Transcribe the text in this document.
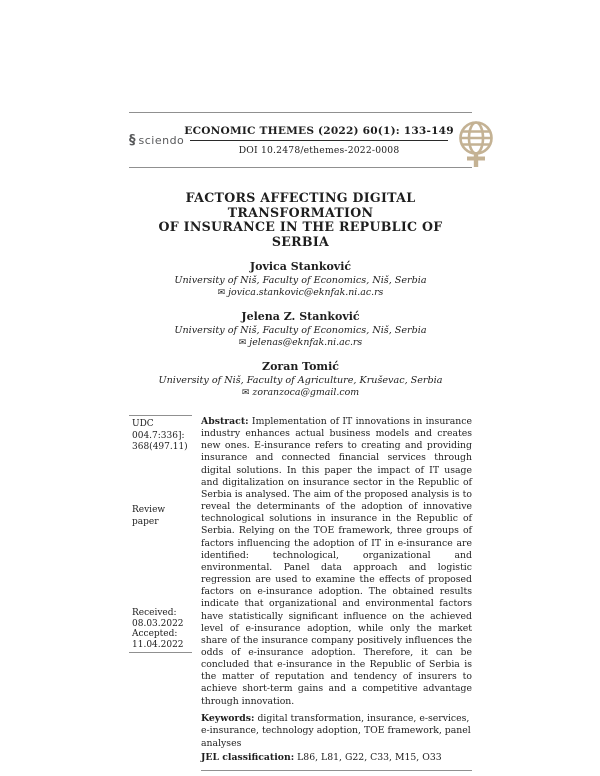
§ sciendo
ECONOMIC THEMES (2022) 60(1): 133-149
DOI 10.2478/ethemes-2022-0008
FACTORS AFFECTING DIGITAL TRANSFORMATION
OF INSURANCE IN THE REPUBLIC OF SERBIA
Jovica Stanković
University of Niš, Faculty of Economics, Niš, Serbia
✉ jovica.stankovic@eknfak.ni.ac.rs
Jelena Z. Stanković
University of Niš, Faculty of Economics, Niš, Serbia
✉ jelenas@eknfak.ni.ac.rs
Zoran Tomić
University of Niš, Faculty of Agriculture, Kruševac, Serbia
✉ zoranzoca@gmail.com
UDC
004.7:336]:
368(497.11)
Review
paper
Received:
08.03.2022
Accepted:
11.04.2022

Abstract: Implementation of IT innovations in insurance industry enhances actual business models and creates new ones. E-insurance refers to creating and providing insurance and connected financial services through digital solutions. In this paper the impact of IT usage and digitalization on insurance sector in the Republic of Serbia is analysed. The aim of the proposed analysis is to reveal the determinants of the adoption of innovative technological solutions in insurance in the Republic of Serbia. Relying on the TOE framework, three groups of factors influencing the adoption of IT in e-insurance are identified: technological, organizational and environmental. Panel data approach and logistic regression are used to examine the effects of proposed factors on e-insurance adoption. The obtained results indicate that organizational and environmental factors have statistically significant influence on the achieved level of e-insurance adoption, while only the market share of the insurance company positively influences the odds of e-insurance adoption. Therefore, it can be concluded that e-insurance in the Republic of Serbia is the matter of reputation and tendency of insurers to achieve short-term gains and a competitive advantage through innovation.

Keywords: digital transformation, insurance, e-services, e-insurance, technology adoption, TOE framework, panel analyses

JEL classification: L86, L81, G22, C33, M15, O33
